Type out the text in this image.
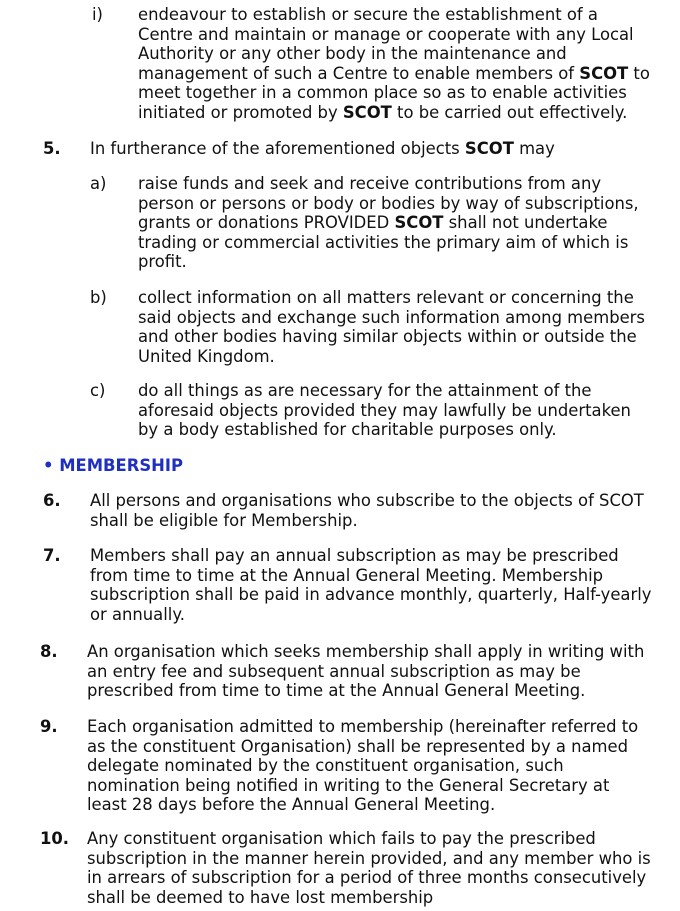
i) endeavour to establish or secure the establishment of a
Centre and maintain or manage or cooperate with any Local
Authority or any other body in the maintenance and
management of such a Centre to enable members of SCOT to
meet together in a common place so as to enable activities
initiated or promoted by SCOT to be carried out effectively.
5. In furtherance of the aforementioned objects SCOT may
a) raise funds and seek and receive contributions from any
person or persons or body or bodies by way of subscriptions,
grants or donations PROVIDED SCOT shall not undertake
trading or commercial activities the primary aim of which is
profit.
b) collect information on all matters relevant or concerning the
said objects and exchange such information among members
and other bodies having similar objects within or outside the
United Kingdom.
c) do all things as are necessary for the attainment of the
aforesaid objects provided they may lawfully be undertaken
by a body established for charitable purposes only.
• MEMBERSHIP
6. All persons and organisations who subscribe to the objects of SCOT
shall be eligible for Membership.
7. Members shall pay an annual subscription as may be prescribed
from time to time at the Annual General Meeting. Membership
subscription shall be paid in advance monthly, quarterly, Half-yearly
or annually.
8. An organisation which seeks membership shall apply in writing with
an entry fee and subsequent annual subscription as may be
prescribed from time to time at the Annual General Meeting.
9. Each organisation admitted to membership (hereinafter referred to
as the constituent Organisation) shall be represented by a named
delegate nominated by the constituent organisation, such
nomination being notified in writing to the General Secretary at
least 28 days before the Annual General Meeting.
10. Any constituent organisation which fails to pay the prescribed
subscription in the manner herein provided, and any member who is
in arrears of subscription for a period of three months consecutively
shall be deemed to have lost membership
